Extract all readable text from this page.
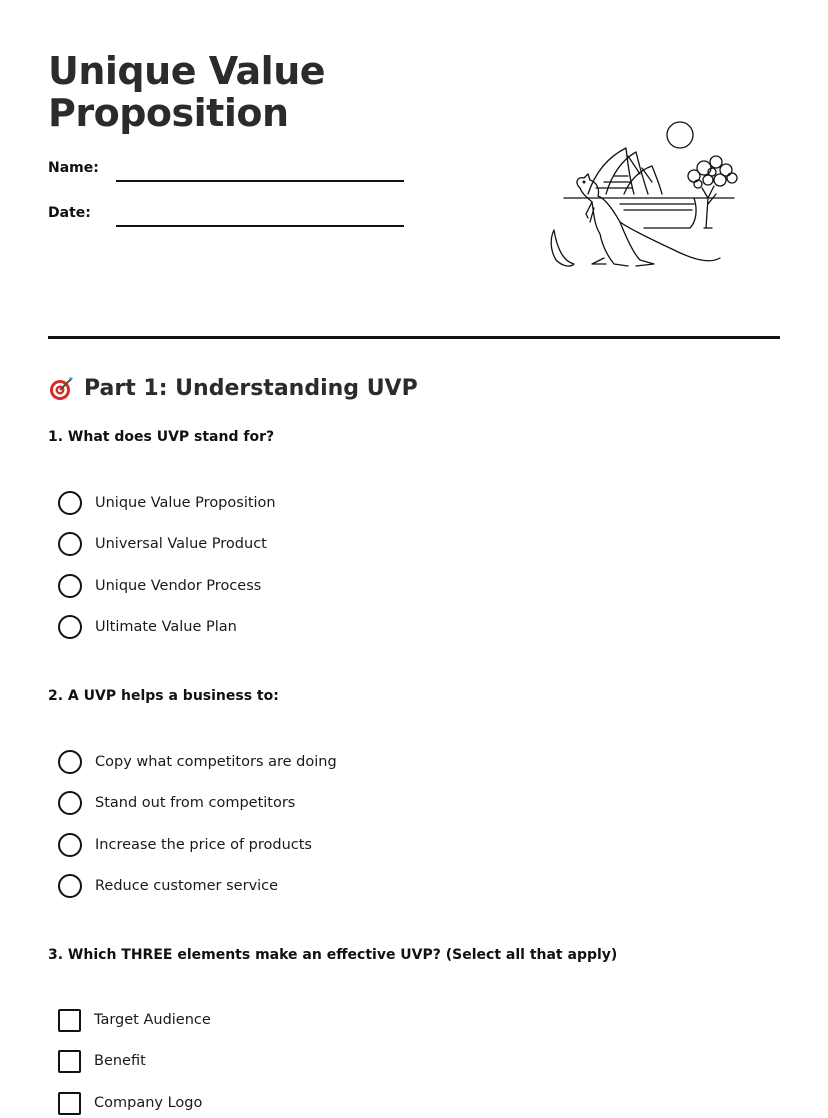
Unique Value
Proposition
Name:
Date:
Part 1: Understanding UVP
1. What does UVP stand for?
Unique Value Proposition
Universal Value Product
Unique Vendor Process
Ultimate Value Plan
2. A UVP helps a business to:
Copy what competitors are doing
Stand out from competitors
Increase the price of products
Reduce customer service
3. Which THREE elements make an effective UVP? (Select all that apply)
Target Audience
Benefit
Company Logo
